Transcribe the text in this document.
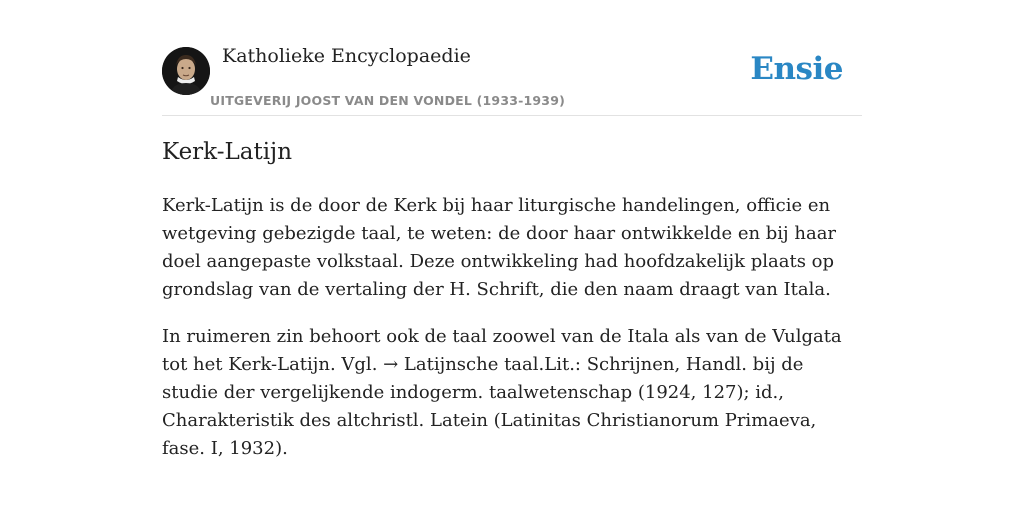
Katholieke Encyclopaedie
UITGEVERIJ JOOST VAN DEN VONDEL (1933-1939)
Ensie
Kerk-Latijn

Kerk-Latijn is de door de Kerk bij haar liturgische handelingen, officie en wetgeving gebezigde taal, te weten: de door haar ontwikkelde en bij haar doel aangepaste volkstaal. Deze ontwikkeling had hoofdzakelijk plaats op grondslag van de vertaling der H. Schrift, die den naam draagt van Itala.

In ruimeren zin behoort ook de taal zoowel van de Itala als van de Vulgata tot het Kerk-Latijn. Vgl. → Latijnsche taal.Lit.: Schrijnen, Handl. bij de studie der vergelijkende indogerm. taalwetenschap (1924, 127); id., Charakteristik des altchristl. Latein (Latinitas Christianorum Primaeva, fase. I, 1932).
